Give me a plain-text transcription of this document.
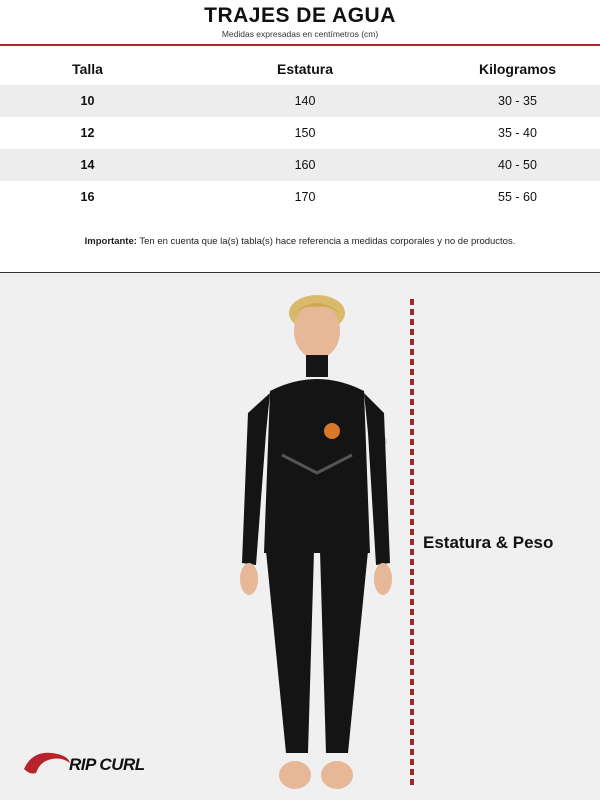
TRAJES DE AGUA
Medidas expresadas en centímetros (cm)
Talla	Estatura	Kilogramos
10	140	30 - 35
12	150	35 - 40
14	160	40 - 50
16	170	55 - 60
Importante: Ten en cuenta que la(s) tabla(s) hace referencia a medidas corporales y no de productos.
Estatura & Peso
RIP CURL
